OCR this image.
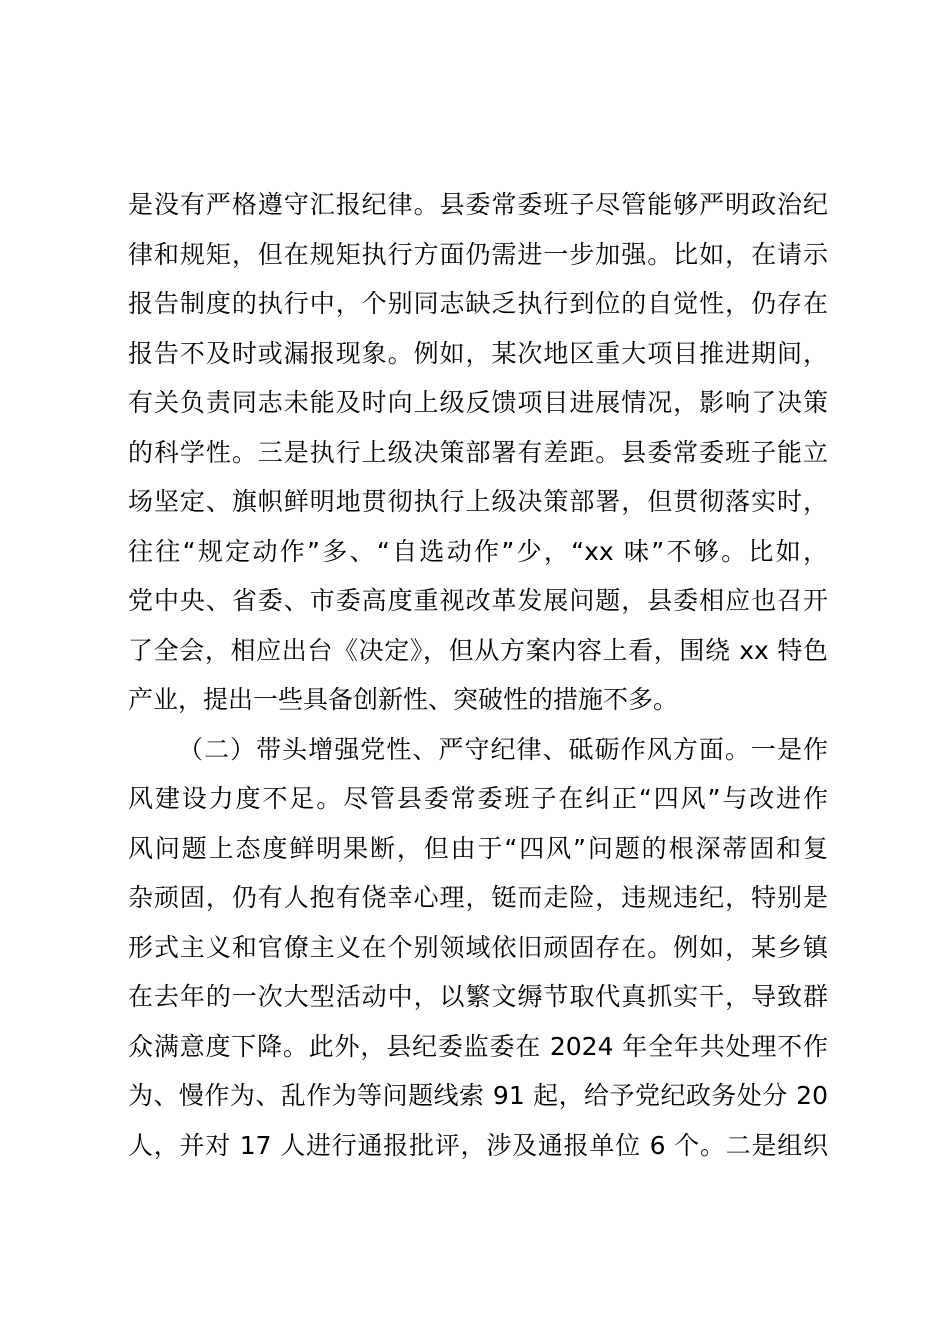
是没有严格遵守汇报纪律。县委常委班子尽管能够严明政治纪
律和规矩，但在规矩执行方面仍需进一步加强。比如，在请示
报告制度的执行中，个别同志缺乏执行到位的自觉性，仍存在
报告不及时或漏报现象。例如，某次地区重大项目推进期间，
有关负责同志未能及时向上级反馈项目进展情况，影响了决策
的科学性。三是执行上级决策部署有差距。县委常委班子能立
场坚定、旗帜鲜明地贯彻执行上级决策部署，但贯彻落实时，
往往“规定动作”多、“自选动作”少，“xx 味”不够。比如，
党中央、省委、市委高度重视改革发展问题，县委相应也召开
了全会，相应出台《决定》，但从方案内容上看，围绕 xx 特色
产业，提出一些具备创新性、突破性的措施不多。
（二）带头增强党性、严守纪律、砥砺作风方面。一是作
风建设力度不足。尽管县委常委班子在纠正“四风”与改进作
风问题上态度鲜明果断，但由于“四风”问题的根深蒂固和复
杂顽固，仍有人抱有侥幸心理，铤而走险，违规违纪，特别是
形式主义和官僚主义在个别领域依旧顽固存在。例如，某乡镇
在去年的一次大型活动中，以繁文缛节取代真抓实干，导致群
众满意度下降。此外，县纪委监委在 2024 年全年共处理不作
为、慢作为、乱作为等问题线索 91 起，给予党纪政务处分 20
人，并对 17 人进行通报批评，涉及通报单位 6 个。二是组织
